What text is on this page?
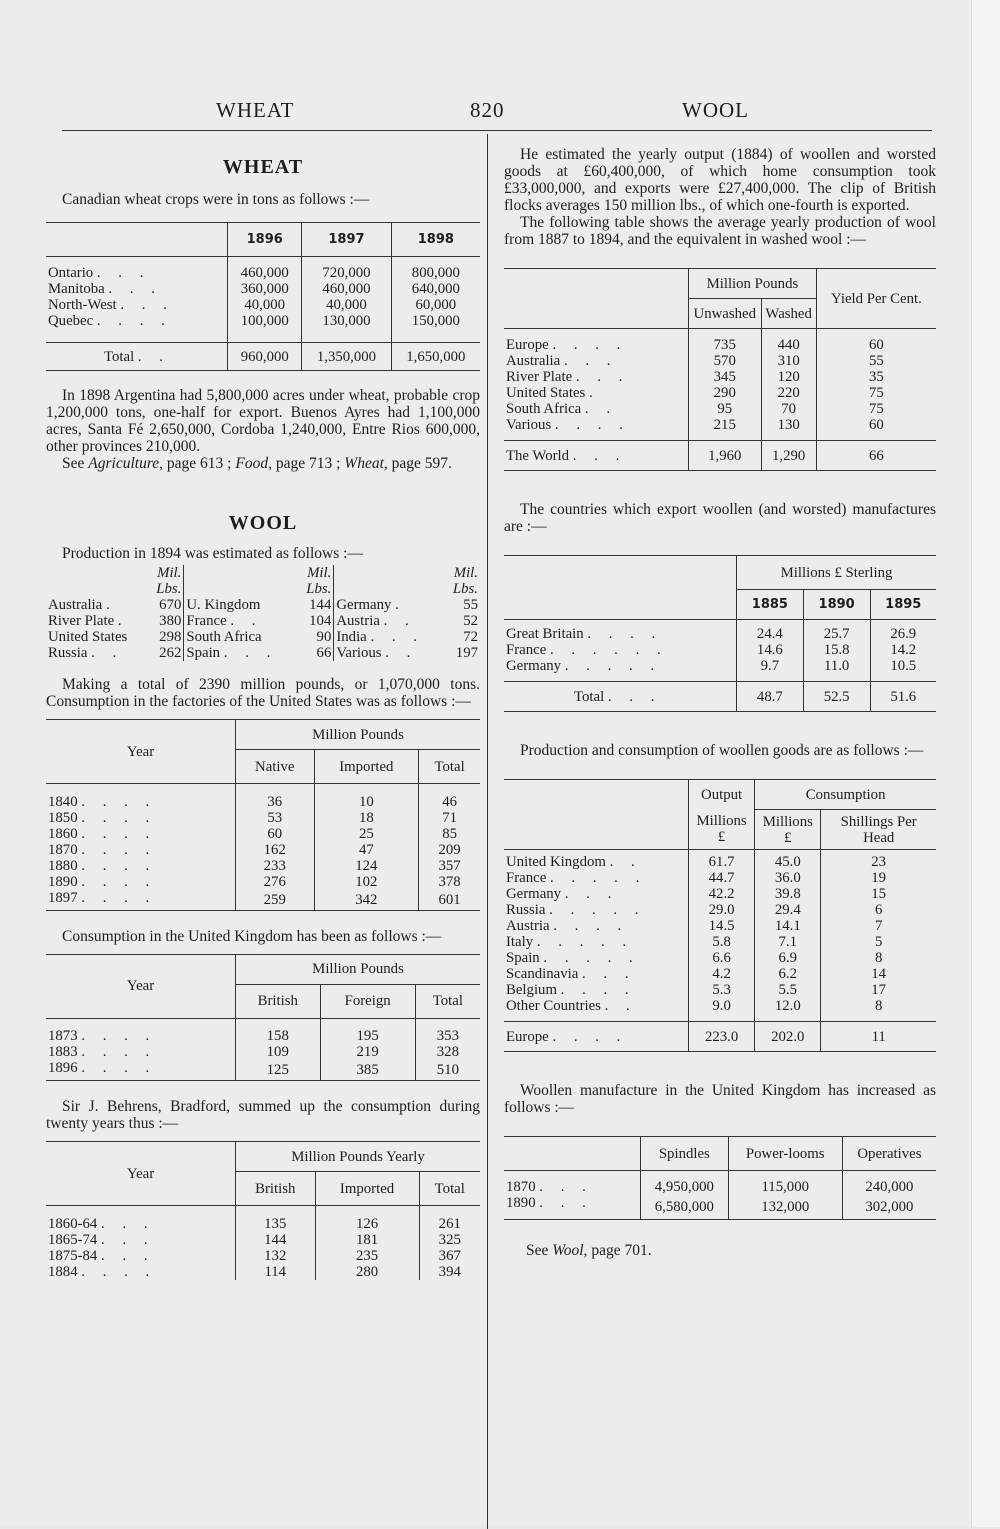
WHEAT	820	WOOL
WHEAT

Canadian wheat crops were in tons as follows :—

	1896	1897	1898

Ontario . . .	460,000	720,000	800,000
Manitoba . . .	360,000	460,000	640,000
North-West . . .	40,000	40,000	60,000
Quebec . . . .	100,000	130,000	150,000

Total . .	960,000	1,350,000	1,650,000

In 1898 Argentina had 5,800,000 acres under wheat, probable crop 1,200,000 tons, one-half for export. Buenos Ayres had 1,100,000 acres, Santa Fé 2,650,000, Cordoba 1,240,000, Entre Rios 600,000, other provinces 210,000.

See Agriculture, page 613 ; Food, page 713 ; Wheat, page 597.

WOOL

Production in 1894 was estimated as follows :—

	Mil. Lbs.		Mil. Lbs.		Mil. Lbs.
Australia .	670	U. Kingdom	144	Germany .	55
River Plate .	380	France . .	104	Austria . .	52
United States	298	South Africa	90	India . . .	72
Russia . .	262	Spain . . .	66	Various . .	197

Making a total of 2390 million pounds, or 1,070,000 tons. Consumption in the factories of the United States was as follows :—

Year	Million Pounds		
	Native	Imported	Total

1840 . . . .	36	10	46
1850 . . . .	53	18	71
1860 . . . .	60	25	85
1870 . . . .	162	47	209
1880 . . . .	233	124	357
1890 . . . .	276	102	378
1897 . . . .	259	342	601

Consumption in the United Kingdom has been as follows :—

Year	Million Pounds		
	British	Foreign	Total

1873 . . . .	158	195	353
1883 . . . .	109	219	328
1896 . . . .	125	385	510

Sir J. Behrens, Bradford, summed up the consumption during twenty years thus :—

Year	Million Pounds Yearly		
	British	Imported	Total

1860-64 . . .	135	126	261
1865-74 . . .	144	181	325
1875-84 . . .	132	235	367
1884 . . . .	114	280	394

He estimated the yearly output (1884) of woollen and worsted goods at £60,400,000, of which home consumption took £33,000,000, and exports were £27,400,000. The clip of British flocks averages 150 million lbs., of which one-fourth is exported.

The following table shows the average yearly production of wool from 1887 to 1894, and the equivalent in washed wool :—

	Million Pounds		Yield Per Cent.
	Unwashed	Washed	

Europe . . . .	735	440	60
Australia . . .	570	310	55
River Plate . . .	345	120	35
United States .	290	220	75
South Africa . .	95	70	75
Various . . . .	215	130	60

The World . . .	1,960	1,290	66

The countries which export woollen (and worsted) manufactures are :—

	Millions £ Sterling		
	1885	1890	1895

Great Britain . . . .	24.4	25.7	26.9
France . . . . . .	14.6	15.8	14.2
Germany . . . . .	9.7	11.0	10.5

Total . . .	48.7	52.5	51.6

Production and consumption of woollen goods are as follows :—

	Output	Consumption	
	Millions £	Millions £	Shillings Per Head

United Kingdom . .	61.7	45.0	23
France . . . . .	44.7	36.0	19
Germany . . .	42.2	39.8	15
Russia . . . . .	29.0	29.4	6
Austria . . . .	14.5	14.1	7
Italy . . . . .	5.8	7.1	5
Spain . . . . .	6.6	6.9	8
Scandinavia . . .	4.2	6.2	14
Belgium . . . .	5.3	5.5	17
Other Countries . .	9.0	12.0	8

Europe . . . .	223.0	202.0	11

Woollen manufacture in the United Kingdom has increased as follows :—

	Spindles	Power-looms	Operatives

1870 . . .	4,950,000	115,000	240,000
1890 . . .	6,580,000	132,000	302,000

See Wool, page 701.
